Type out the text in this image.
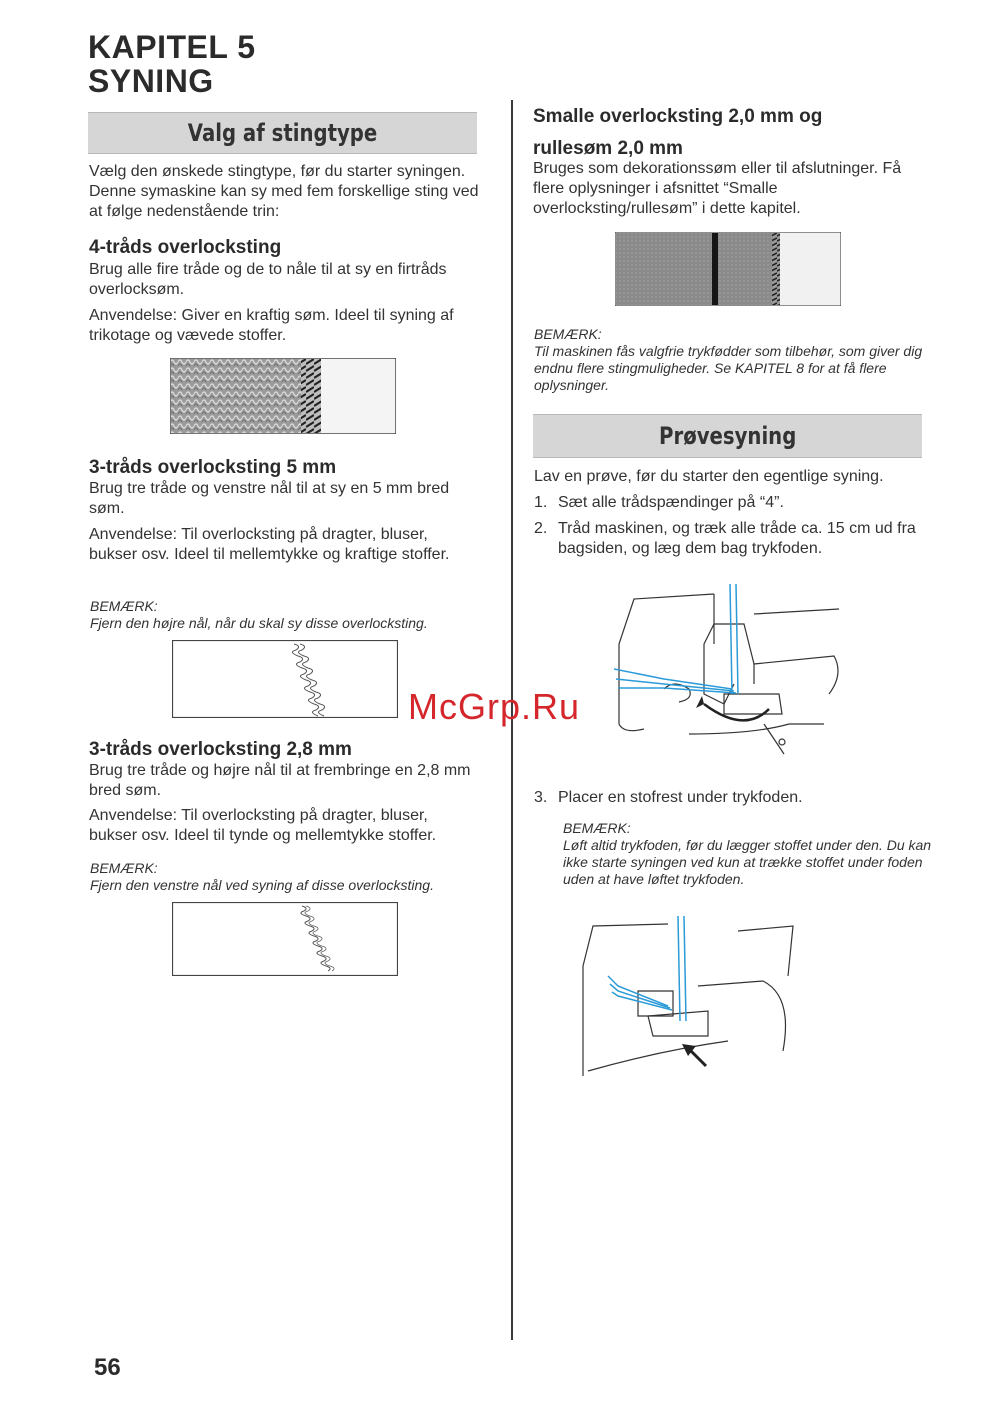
KAPITEL 5
SYNING
Valg af stingtype
Vælg den ønskede stingtype, før du starter syningen. Denne symaskine kan sy med fem forskellige sting ved at følge nedenstående trin:
4-tråds overlocksting
Brug alle fire tråde og de to nåle til at sy en firtråds overlocksøm.
Anvendelse: Giver en kraftig søm. Ideel til syning af trikotage og vævede stoffer.
3-tråds overlocksting 5 mm
Brug tre tråde og venstre nål til at sy en 5 mm bred søm.
Anvendelse: Til overlocksting på dragter, bluser, bukser osv. Ideel til mellemtykke og kraftige stoffer.
BEMÆRK:
Fjern den højre nål, når du skal sy disse overlocksting.
3-tråds overlocksting 2,8 mm
Brug tre tråde og højre nål til at frembringe en 2,8 mm bred søm.
Anvendelse: Til overlocksting på dragter, bluser, bukser osv. Ideel til tynde og mellemtykke stoffer.
BEMÆRK:
Fjern den venstre nål ved syning af disse overlocksting.
Smalle overlocksting 2,0 mm og
rullesøm 2,0 mm
Bruges som dekorationssøm eller til afslutninger. Få flere oplysninger i afsnittet “Smalle overlocksting/rullesøm” i dette kapitel.
BEMÆRK:
Til maskinen fås valgfrie trykfødder som tilbehør, som giver dig endnu flere stingmuligheder. Se KAPITEL 8 for at få flere oplysninger.
Prøvesyning
Lav en prøve, før du starter den egentlige syning.
1. Sæt alle trådspændinger på “4”.
2. Tråd maskinen, og træk alle tråde ca. 15 cm ud fra bagsiden, og læg dem bag trykfoden.
3. Placer en stofrest under trykfoden.
BEMÆRK:
Løft altid trykfoden, før du lægger stoffet under den. Du kan ikke starte syningen ved kun at trække stoffet under foden uden at have løftet trykfoden.
56
McGrp.Ru
